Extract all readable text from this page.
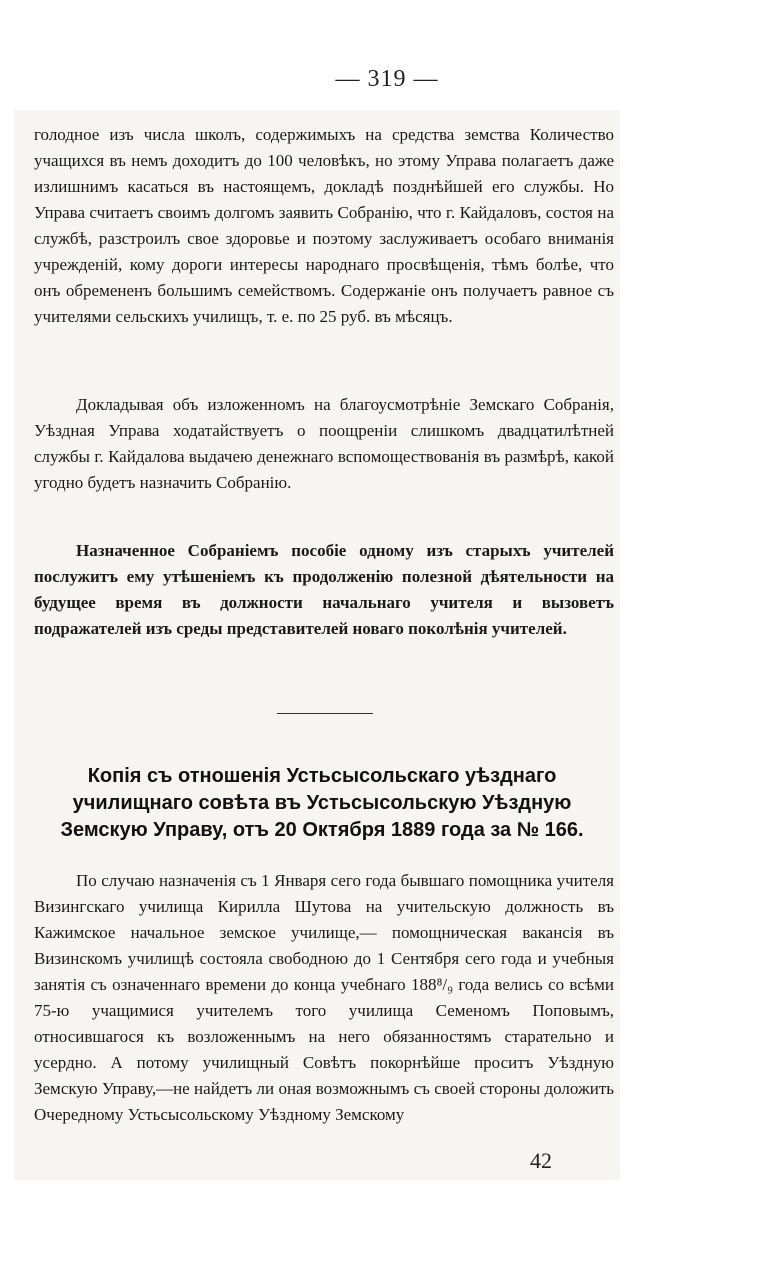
— 319 —

голодное изъ числа школъ, содержимыхъ на средства земства Количество учащихся въ немъ доходитъ до 100 человѣкъ, но этому Управа полагаетъ даже излишнимъ касаться въ настоящемъ, докладѣ позднѣйшей его службы. Но Управа считаетъ своимъ долгомъ заявить Собранію, что г. Кайдаловъ, состоя на службѣ, разстроилъ свое здоровье и поэтому заслуживаетъ особаго вниманія учрежденій, кому дороги интересы народнаго просвѣщенія, тѣмъ болѣе, что онъ обремененъ большимъ семействомъ. Содержаніе онъ получаетъ равное съ учителями сельскихъ училищъ, т. е. по 25 руб. въ мѣсяцъ.

Докладывая объ изложенномъ на благоусмотрѣніе Земскаго Собранія, Уѣздная Управа ходатайствуетъ о поощреніи слишкомъ двадцатилѣтней службы г. Кайдалова выдачею денежнаго вспомоществованія въ размѣрѣ, какой угодно будетъ назначить Собранію.

Назначенное Собраніемъ пособіе одному изъ старыхъ учителей послужитъ ему утѣшеніемъ къ продолженію полезной дѣятельности на будущее время въ должности начальнаго учителя и вызоветъ подражателей изъ среды представителей новаго поколѣнія учителей.

Копія съ отношенія Устьсысольскаго уѣзднаго училищнаго совѣта въ Устьсысольскую Уѣздную Земскую Управу, отъ 20 Октября 1889 года за № 166.

По случаю назначенія съ 1 Января сего года бывшаго помощника учителя Визингскаго училища Кирилла Шутова на учительскую должность въ Кажимское начальное земское училище,— помощническая вакансія въ Визинскомъ училищѣ состояла свободною до 1 Сентября сего года и учебныя занятія съ означеннаго времени до конца учебнаго 188⁸/₉ года велись со всѣми 75-ю учащимися учителемъ того училища Семеномъ Поповымъ, относившагося къ возложеннымъ на него обязанностямъ старательно и усердно. А потому училищный Совѣтъ покорнѣйше проситъ Уѣздную Земскую Управу,—не найдетъ ли оная возможнымъ съ своей стороны доложить Очередному Устьсысольскому Уѣздному Земскому

42
